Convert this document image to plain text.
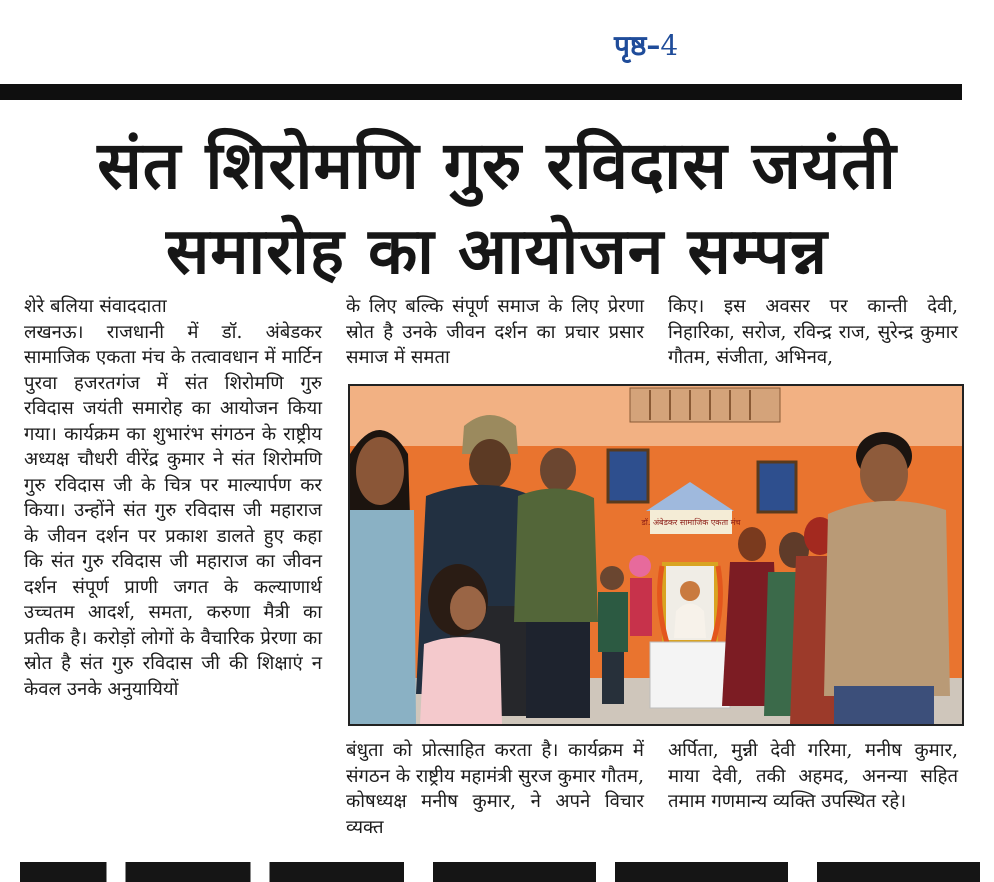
पृष्ठ–4
संत शिरोमणि गुरु रविदास जयंती
समारोह का आयोजन सम्पन्न

शेरे बलिया संवाददाता

लखनऊ। राजधानी में डॉ. अंबेडकर सामाजिक एकता मंच के तत्वावधान में मार्टिन पुरवा हजरतगंज में संत शिरोमणि गुरु रविदास जयंती समारोह का आयोजन किया गया। कार्यक्रम का शुभारंभ संगठन के राष्ट्रीय अध्यक्ष चौधरी वीरेंद्र कुमार ने संत शिरोमणि गुरु रविदास जी के चित्र पर माल्यार्पण कर किया। उन्होंने संत गुरु रविदास जी महाराज के जीवन दर्शन पर प्रकाश डालते हुए कहा कि संत गुरु रविदास जी महाराज का जीवन दर्शन संपूर्ण प्राणी जगत के कल्याणार्थ उच्चतम आदर्श, समता, करुणा मैत्री का प्रतीक है। करोड़ों लोगों के वैचारिक प्रेरणा का स्रोत है संत गुरु रविदास जी की शिक्षाएं न केवल उनके अनुयायियों

के लिए बल्कि संपूर्ण समाज के लिए प्रेरणा स्रोत है उनके जीवन दर्शन का प्रचार प्रसार समाज में समता

किए। इस अवसर पर कान्ती देवी, निहारिका, सरोज, रविन्द्र राज, सुरेन्द्र कुमार गौतम, संजीता, अभिनव,

डॉ. अंबेडकर सामाजिक एकता मंच

बंधुता को प्रोत्साहित करता है। कार्यक्रम में संगठन के राष्ट्रीय महामंत्री सुरज कुमार गौतम, कोषध्यक्ष मनीष कुमार, ने अपने विचार व्यक्त

अर्पिता, मुन्नी देवी गरिमा, मनीष कुमार, माया देवी, तकी अहमद, अनन्या सहित तमाम गणमान्य व्यक्ति उपस्थित रहे।
